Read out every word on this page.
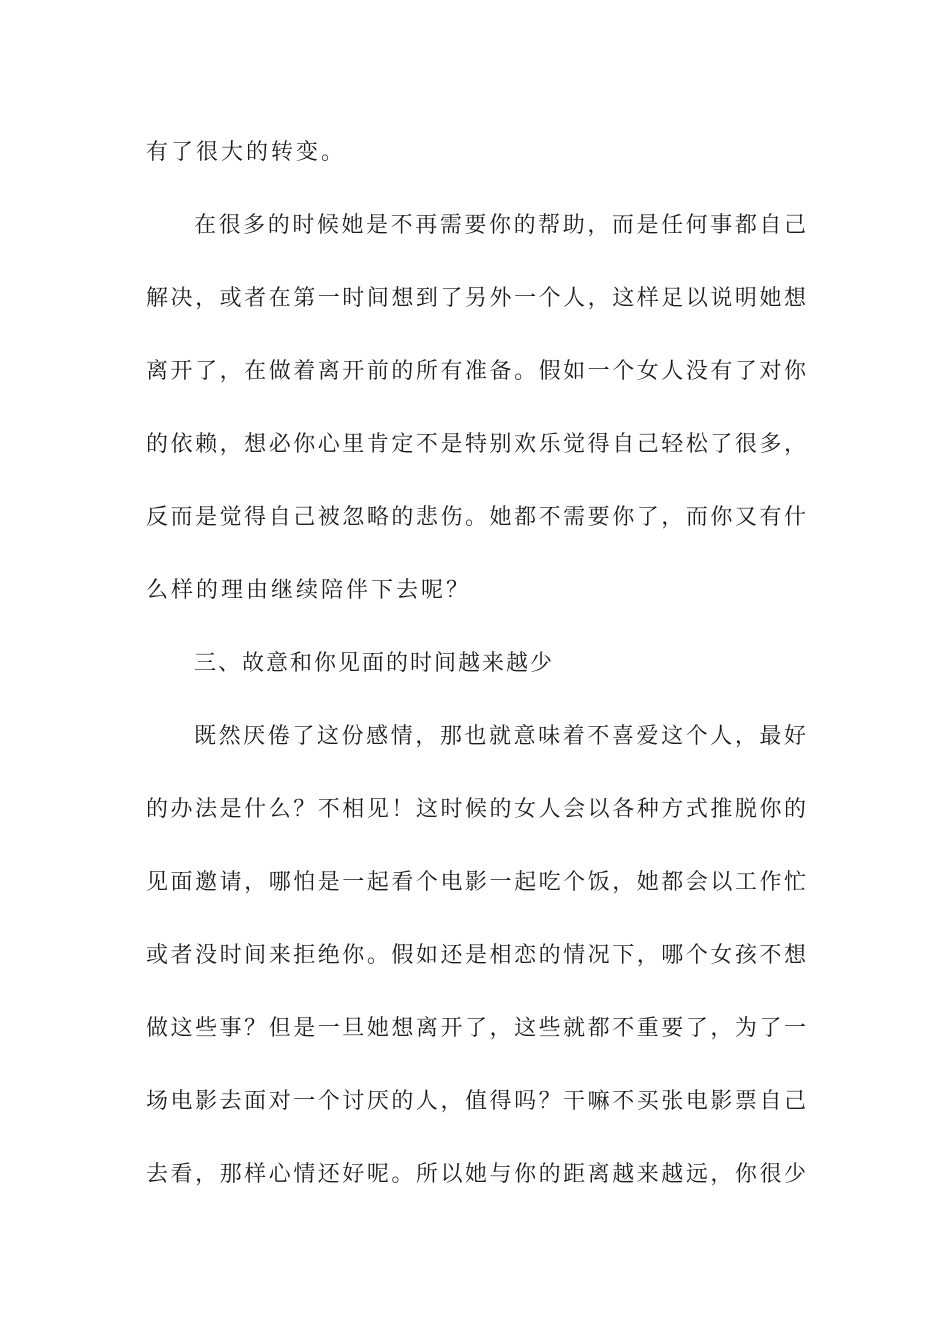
有了很大的转变。

在很多的时候她是不再需要你的帮助，而是任何事都自己

解决，或者在第一时间想到了另外一个人，这样足以说明她想

离开了，在做着离开前的所有准备。假如一个女人没有了对你

的依赖，想必你心里肯定不是特别欢乐觉得自己轻松了很多，

反而是觉得自己被忽略的悲伤。她都不需要你了，而你又有什

么样的理由继续陪伴下去呢？

三、故意和你见面的时间越来越少

既然厌倦了这份感情，那也就意味着不喜爱这个人，最好

的办法是什么？不相见！这时候的女人会以各种方式推脱你的

见面邀请，哪怕是一起看个电影一起吃个饭，她都会以工作忙

或者没时间来拒绝你。假如还是相恋的情况下，哪个女孩不想

做这些事？但是一旦她想离开了，这些就都不重要了，为了一

场电影去面对一个讨厌的人，值得吗？干嘛不买张电影票自己

去看，那样心情还好呢。所以她与你的距离越来越远，你很少
